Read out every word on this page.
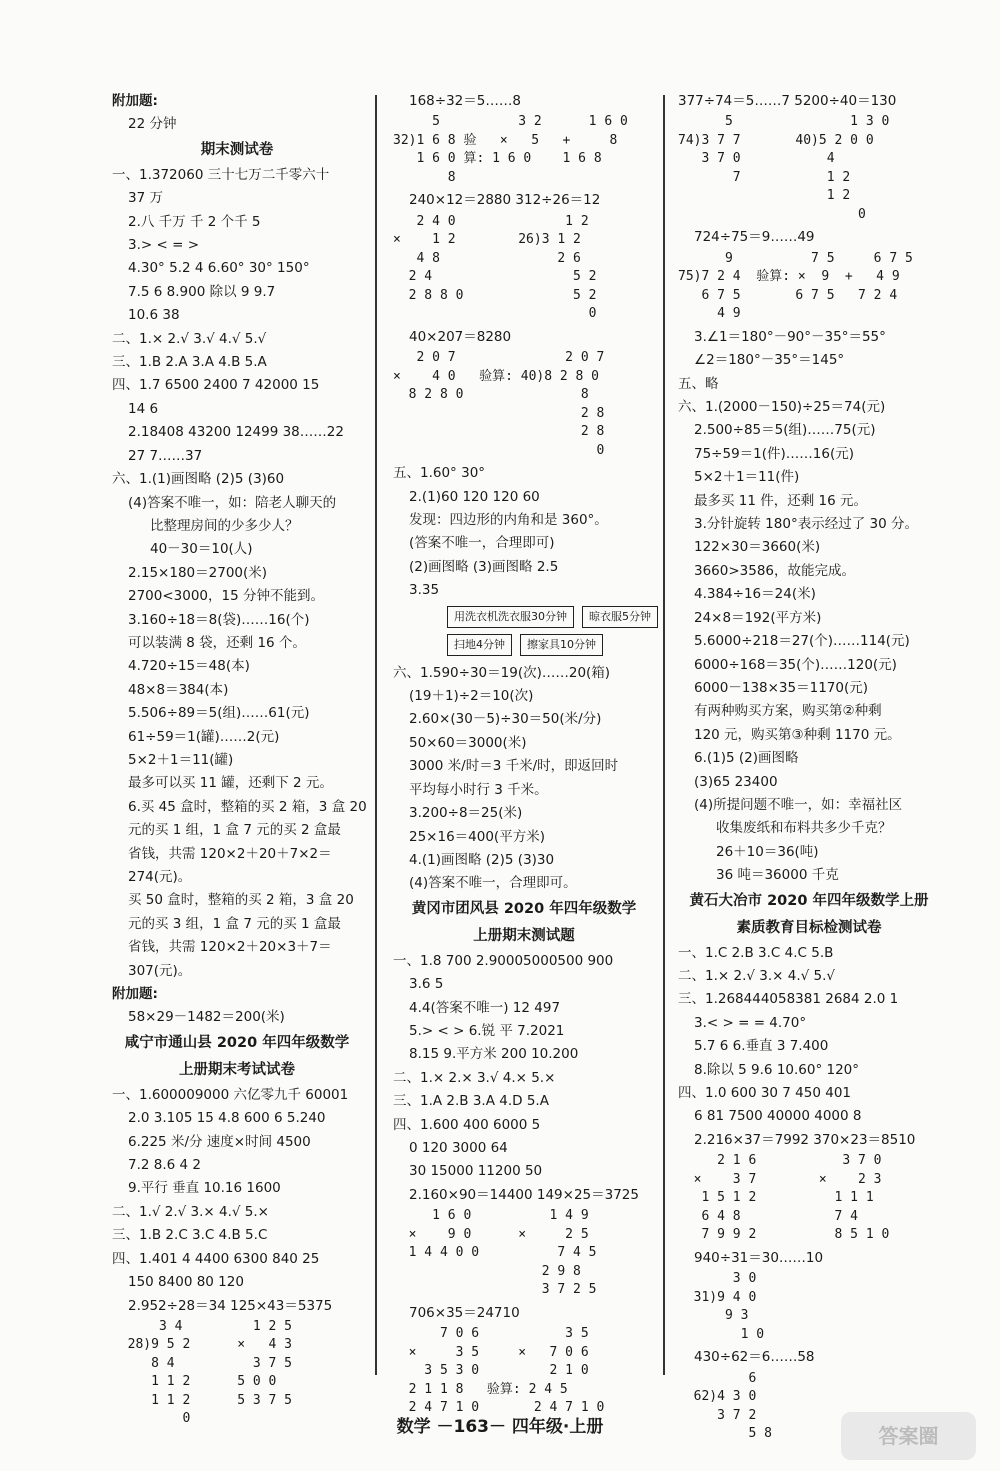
附加题:
22 分钟
期末测试卷
一、1.372060 三十七万二千零六十
37 万
2.八 千万 千 2 个千 5
3.> < = >
4.30° 5.2 4 6.60° 30° 150°
7.5 6 8.900 除以 9 9.7
10.6 38
二、1.× 2.√ 3.√ 4.√ 5.√
三、1.B 2.A 3.A 4.B 5.A
四、1.7 6500 2400 7 42000 15
14 6
2.18408 43200 12499 38……22
27 7……37
六、1.(1)画图略 (2)5 (3)60
(4)答案不唯一，如：陪老人聊天的
比整理房间的少多少人？
40－30＝10(人)
2.15×180＝2700(米)
2700<3000，15 分钟不能到。
3.160÷18＝8(袋)……16(个)
可以装满 8 袋，还剩 16 个。
4.720÷15＝48(本)
48×8＝384(本)
5.506÷89＝5(组)……61(元)
61÷59＝1(罐)……2(元)
5×2＋1＝11(罐)
最多可以买 11 罐，还剩下 2 元。
6.买 45 盒时，整箱的买 2 箱，3 盒 20
元的买 1 组，1 盒 7 元的买 2 盒最
省钱，共需 120×2＋20＋7×2＝
274(元)。
买 50 盒时，整箱的买 2 箱，3 盒 20
元的买 3 组，1 盒 7 元的买 1 盒最
省钱，共需 120×2＋20×3＋7＝
307(元)。
附加题:
58×29－1482＝200(米)
咸宁市通山县 2020 年四年级数学
上册期末考试试卷
一、1.600009000 六亿零九千 60001
2.0 3.105 15 4.8 600 6 5.240
6.225 米/分 速度×时间 4500
7.2 8.6 4 2
9.平行 垂直 10.16 1600
二、1.√ 2.√ 3.× 4.√ 5.×
三、1.B 2.C 3.C 4.B 5.C
四、1.401 4 4400 6300 840 25
150 8400 80 120
2.952÷28＝34 125×43＝5375
3 4         1 2 5
28)9 5 2      ×   4 3
8 4          3 7 5
1 1 2      5 0 0
1 1 2      5 3 7 5
0
168÷32＝5……8
5          3 2      1 6 0
32)1 6 8 验   ×   5   +     8
1 6 0 算: 1 6 0    1 6 8
8
240×12＝2880 312÷26＝12
2 4 0              1 2
×    1 2        26)3 1 2
4 8               2 6
2 4                  5 2
2 8 8 0              5 2
0
40×207＝8280
2 0 7              2 0 7
×    4 0   验算: 40)8 2 8 0
8 2 8 0               8
2 8
2 8
0
五、1.60° 30°
2.(1)60 120 120 60
发现：四边形的内角和是 360°。
(答案不唯一，合理即可)
(2)画图略 (3)画图略 2.5
3.35
用洗衣机洗衣服30分钟	晾衣服5分钟
扫地4分钟	擦家具10分钟
六、1.590÷30＝19(次)……20(箱)
(19＋1)÷2＝10(次)
2.60×(30－5)÷30＝50(米/分)
50×60＝3000(米)
3000 米/时＝3 千米/时，即返回时
平均每小时行 3 千米。
3.200÷8＝25(米)
25×16＝400(平方米)
4.(1)画图略 (2)5 (3)30
(4)答案不唯一，合理即可。
黄冈市团风县 2020 年四年级数学
上册期末测试题
一、1.8 700 2.90005000500 900
3.6 5
4.4(答案不唯一) 12 497
5.> < > 6.锐 平 7.2021
8.15 9.平方米 200 10.200
二、1.× 2.× 3.√ 4.× 5.×
三、1.A 2.B 3.A 4.D 5.A
四、1.600 400 6000 5
0 120 3000 64
30 15000 11200 50
2.160×90＝14400 149×25＝3725
1 6 0          1 4 9
×    9 0      ×     2 5
1 4 4 0 0          7 4 5
2 9 8
3 7 2 5
706×35＝24710
7 0 6           3 5
×     3 5     ×   7 0 6
3 5 3 0         2 1 0
2 1 1 8   验算: 2 4 5
2 4 7 1 0       2 4 7 1 0
377÷74＝5……7 5200÷40＝130
5               1 3 0
74)3 7 7       40)5 2 0 0
3 7 0           4
7           1 2
1 2
0
724÷75＝9……49
9          7 5     6 7 5
75)7 2 4  验算: ×  9  +   4 9
6 7 5       6 7 5   7 2 4
4 9
3.∠1＝180°－90°－35°＝55°
∠2＝180°－35°＝145°
五、略
六、1.(2000－150)÷25＝74(元)
2.500÷85＝5(组)……75(元)
75÷59＝1(件)……16(元)
5×2＋1＝11(件)
最多买 11 件，还剩 16 元。
3.分针旋转 180°表示经过了 30 分。
122×30＝3660(米)
3660>3586，故能完成。
4.384÷16＝24(米)
24×8＝192(平方米)
5.6000÷218＝27(个)……114(元)
6000÷168＝35(个)……120(元)
6000－138×35＝1170(元)
有两种购买方案，购买第②种剩
120 元，购买第③种剩 1170 元。
6.(1)5 (2)画图略
(3)65 23400
(4)所提问题不唯一，如：幸福社区
收集废纸和布料共多少千克？
26＋10＝36(吨)
36 吨＝36000 千克
黄石大冶市 2020 年四年级数学上册
素质教育目标检测试卷
一、1.C 2.B 3.C 4.C 5.B
二、1.× 2.√ 3.× 4.√ 5.√
三、1.268444058381 2684 2.0 1
3.< > = = 4.70°
5.7 6 6.垂直 3 7.400
8.除以 5 9.6 10.60° 120°
四、1.0 600 30 7 450 401
6 81 7500 40000 4000 8
2.216×37＝7992 370×23＝8510
2 1 6           3 7 0
×    3 7        ×    2 3
1 5 1 2          1 1 1
6 4 8            7 4
7 9 9 2          8 5 1 0
940÷31＝30……10
3 0
31)9 4 0
9 3
1 0
430÷62＝6……58
6
62)4 3 0
3 7 2
5 8
数学 －163－ 四年级·上册	答案圈
